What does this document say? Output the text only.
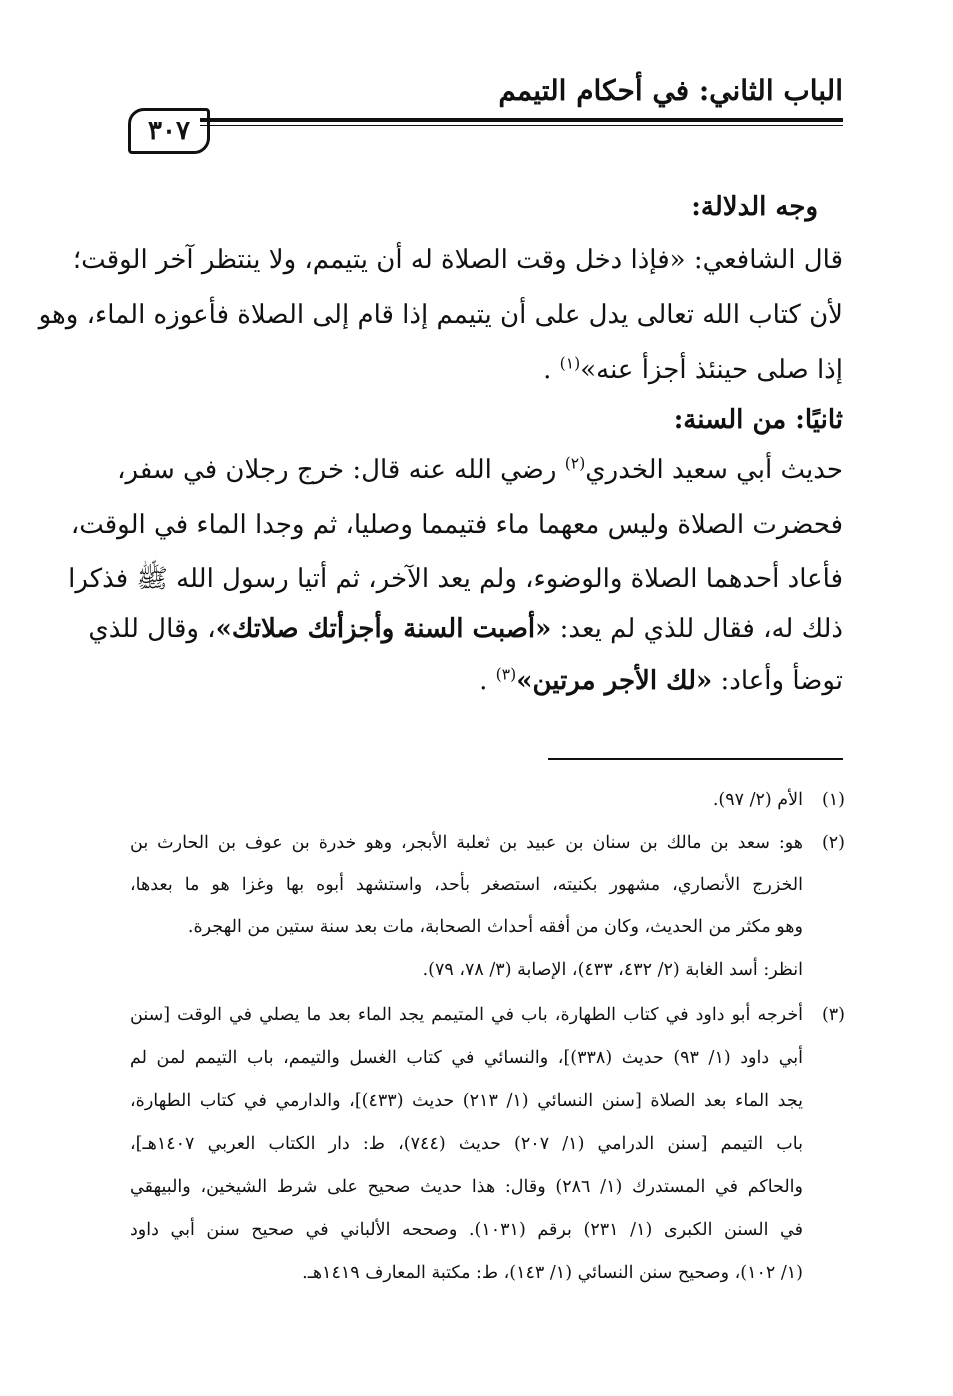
الباب الثاني: في أحكام التيمم
٣٠٧
وجه الدلالة:
قال الشافعي: «فإذا دخل وقت الصلاة له أن يتيمم، ولا ينتظر آخر الوقت؛
لأن كتاب الله تعالى يدل على أن يتيمم إذا قام إلى الصلاة فأعوزه الماء، وهو
إذا صلى حينئذ أجزأ عنه»$^{(١)}$ .
ثانيًا: من السنة:
حديث أبي سعيد الخدري$^{(٢)}$ رضي الله عنه قال: خرج رجلان في سفر،
فحضرت الصلاة وليس معهما ماء فتيمما وصليا، ثم وجدا الماء في الوقت،
فأعاد أحدهما الصلاة والوضوء، ولم يعد الآخر، ثم أتيا رسول الله ﷺ فذكرا
ذلك له، فقال للذي لم يعد: «أصبت السنة وأجزأتك صلاتك»، وقال للذي
توضأ وأعاد: «لك الأجر مرتين»$^{(٣)}$ .
(١)
الأم (٢/ ٩٧).
(٢)
هو: سعد بن مالك بن سنان بن عبيد بن ثعلبة الأبجر، وهو خدرة بن عوف بن الحارث بن
الخزرج الأنصاري، مشهور بكنيته، استصغر بأحد، واستشهد أبوه بها وغزا هو ما بعدها،
وهو مكثر من الحديث، وكان من أفقه أحداث الصحابة، مات بعد سنة ستين من الهجرة.
انظر: أسد الغابة (٢/ ٤٣٢، ٤٣٣)، الإصابة (٣/ ٧٨، ٧٩).
(٣)
أخرجه أبو داود في كتاب الطهارة، باب في المتيمم يجد الماء بعد ما يصلي في الوقت [سنن
أبي داود (١/ ٩٣) حديث (٣٣٨)]، والنسائي في كتاب الغسل والتيمم، باب التيمم لمن لم
يجد الماء بعد الصلاة [سنن النسائي (١/ ٢١٣) حديث (٤٣٣)]، والدارمي في كتاب الطهارة،
باب التيمم [سنن الدرامي (١/ ٢٠٧) حديث (٧٤٤)، ط: دار الكتاب العربي ١٤٠٧هـ]،
والحاكم في المستدرك (١/ ٢٨٦) وقال: هذا حديث صحيح على شرط الشيخين، والبيهقي
في السنن الكبرى (١/ ٢٣١) برقم (١٠٣١). وصححه الألباني في صحيح سنن أبي داود
(١/ ١٠٢)، وصحيح سنن النسائي (١/ ١٤٣)، ط: مكتبة المعارف ١٤١٩هـ.
